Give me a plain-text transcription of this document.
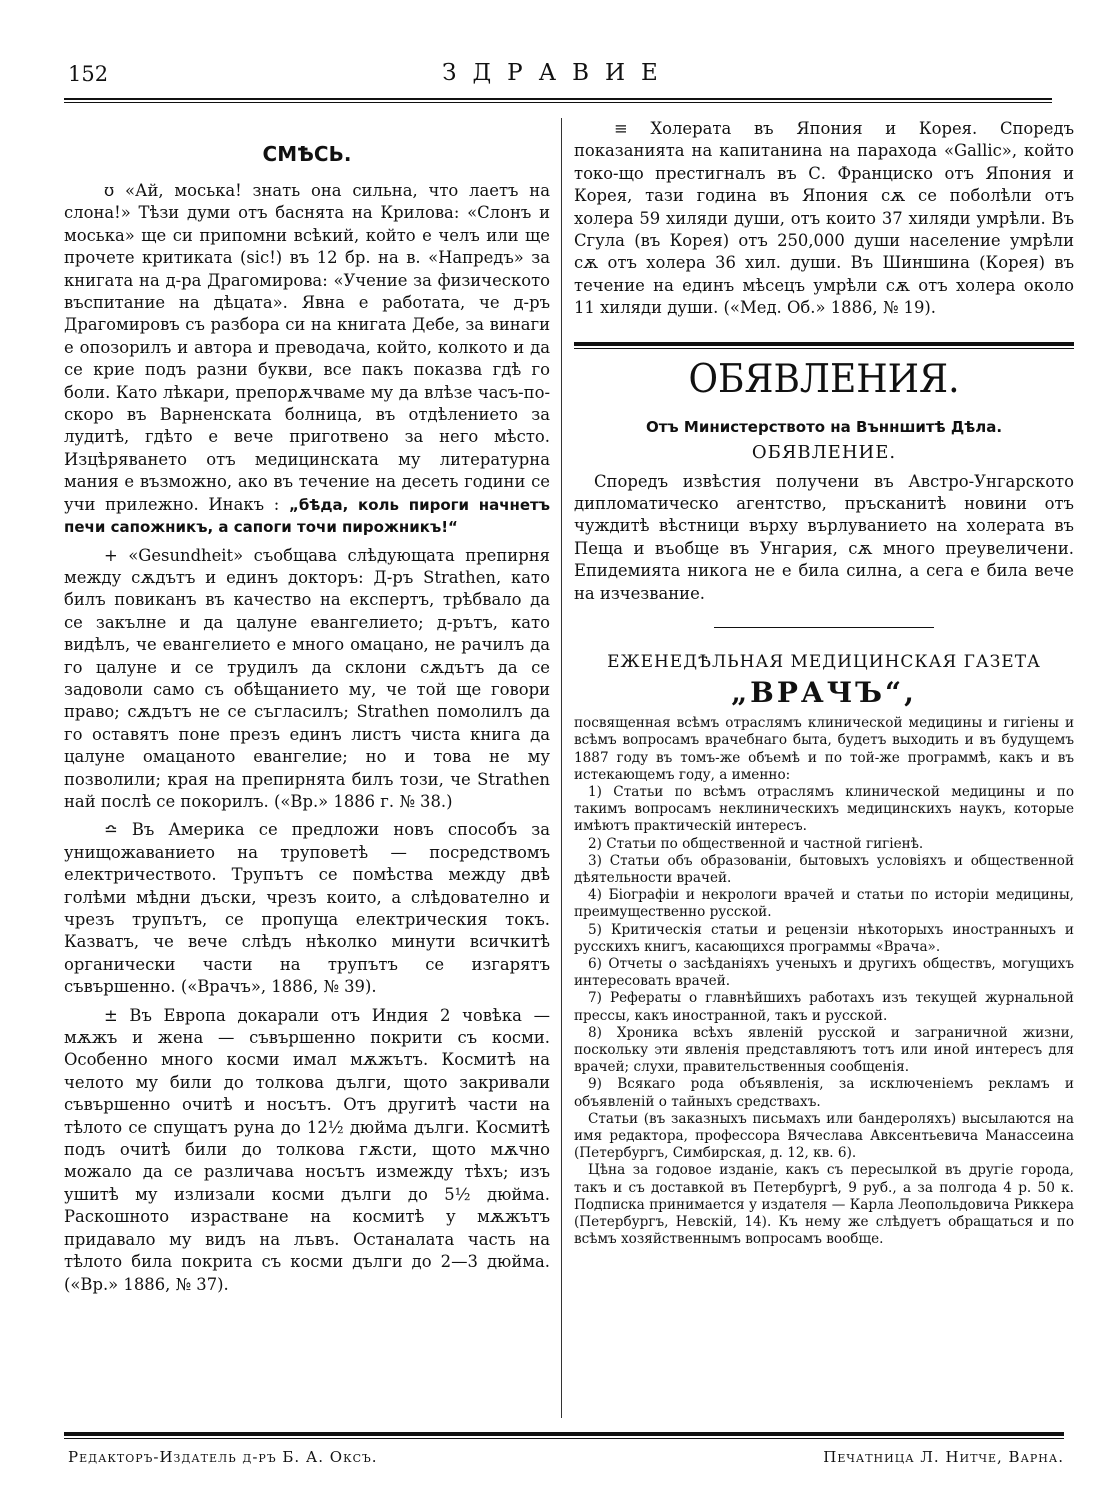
152	ЗДРАВИЕ
СМѢСЬ.

ʊ «Ай, моська! знать она сильна, что лаетъ на слона!» Тѣзи думи отъ баснята на Крилова: «Слонъ и моська» ще си припомни всѣкий, който е челъ или ще прочете критиката (sic!) въ 12 бр. на в. «Напредъ» за книгата на д-ра Драгомирова: «Учение за физическото въспитание на дѣцата». Явна е работата, че д-ръ Драгомировъ съ разбора си на книгата Дебе, за винаги е опозорилъ и автора и преводача, който, колкото и да се крие подъ разни букви, все пакъ показва гдѣ го боли. Като лѣкари, препорѫчваме му да влѣзе часъ-по-скоро въ Варненската болница, въ отдѣлението за лудитѣ, гдѣто е вече приготвено за него мѣсто. Изцѣряването отъ медицинската му литературна мания е възможно, ако въ течение на десеть години се учи прилежно. Инакъ : „бѣда, коль пироги начнетъ печи сапожникъ, а сапоги точи пирожникъ!“

+ «Gesundheit» съобщава слѣдующата препирня между сѫдътъ и единъ докторъ: Д-ръ Strathen, като билъ повиканъ въ качество на експертъ, трѣбвало да се закълне и да цалуне евангелието; д-рътъ, като видѣлъ, че евангелието е много омацано, не рачилъ да го цалуне и се трудилъ да склони сѫдътъ да се задоволи само съ обѣщанието му, че той ще говори право; сѫдътъ не се съгласилъ; Strathen помолилъ да го оставятъ поне презъ единъ листъ чиста книга да цалуне омацаното евангелие; но и това не му позволили; края на препирнята билъ този, че Strathen най послѣ се покорилъ. («Вр.» 1886 г. № 38.)

≏ Въ Америка се предложи новъ способъ за унищожаванието на труповетѣ — посредствомъ електричеството. Трупътъ се помѣства между двѣ голѣми мѣдни дъски, чрезъ които, а слѣдователно и чрезъ трупътъ, се пропуща електрическия токъ. Казватъ, че вече слѣдъ нѣколко минути всичкитѣ органически части на трупътъ се изгарятъ съвършенно. («Врачъ», 1886, № 39).

± Въ Европа докарали отъ Индия 2 човѣка — мѫжъ и жена — съвършенно покрити съ косми. Особенно много косми имал мѫжътъ. Космитѣ на челото му били до толкова дълги, щото закривали съвършенно очитѣ и носътъ. Отъ другитѣ части на тѣлото се спущатъ руна до 12½ дюйма дълги. Космитѣ подъ очитѣ били до толкова гѫсти, щото мѫчно можало да се различава носътъ измежду тѣхъ; изъ ушитѣ му излизали косми дълги до 5½ дюйма. Раскошното израстване на космитѣ у мѫжътъ придавало му видъ на лъвъ. Останалата часть на тѣлото била покрита съ косми дълги до 2—3 дюйма. («Вр.» 1886, № 37).

≡ Холерата въ Япония и Корея. Споредъ показанията на капитанина на парахода «Gallic», който токо-що престигналъ въ С. Франциско отъ Япония и Корея, тази година въ Япония сѫ се поболѣли отъ холера 59 хиляди души, отъ които 37 хиляди умрѣли. Въ Сгула (въ Корея) отъ 250,000 души население умрѣли сѫ отъ холера 36 хил. души. Въ Шиншина (Корея) въ течение на единъ мѣсецъ умрѣли сѫ отъ холера около 11 хиляди души. («Мед. Об.» 1886, № 19).

ОБЯВЛЕНИЯ.
Отъ Министерството на Вънншитѣ Дѣла.
ОБЯВЛЕНИЕ.

Споредъ извѣстия получени въ Австро-Унгарското дипломатическо агентство, пръсканитѣ новини отъ чуждитѣ вѣстници върху върлуванието на холерата въ Пеща и въобще въ Унгария, сѫ много преувеличени. Епидемията никога не е била силна, а сега е била вече на изчезвание.

ЕЖЕНЕДѢЛЬНАЯ МЕДИЦИНСКАЯ ГАЗЕТА
„ВРАЧЪ“,

посвященная всѣмъ отраслямъ клинической медицины и гигіены и всѣмъ вопросамъ врачебнаго быта, будетъ выходить и въ будущемъ 1887 году въ томъ-же объемѣ и по той-же программѣ, какъ и въ истекающемъ году, а именно:

1) Статьи по всѣмъ отраслямъ клинической медицины и по такимъ вопросамъ неклиническихъ медицинскихъ наукъ, которые имѣютъ практическій интересъ.

2) Статьи по общественной и частной гигіенѣ.

3) Статьи объ образованіи, бытовыхъ условіяхъ и общественной дѣятельности врачей.

4) Біографіи и некрологи врачей и статьи по исторіи медицины, преимущественно русской.

5) Критическія статьи и рецензіи нѣкоторыхъ иностранныхъ и русскихъ книгъ, касающихся программы «Врача».

6) Отчеты о засѣданіяхъ ученыхъ и другихъ обществъ, могущихъ интересовать врачей.

7) Рефераты о главнѣйшихъ работахъ изъ текущей журнальной прессы, какъ иностранной, такъ и русской.

8) Хроника всѣхъ явленій русской и заграничной жизни, поскольку эти явленія представляютъ тотъ или иной интересъ для врачей; слухи, правительственныя сообщенія.

9) Всякаго рода объявленія, за исключеніемъ рекламъ и объявленій о тайныхъ средствахъ.

Статьи (въ заказныхъ письмахъ или бандероляхъ) высылаются на имя редактора, профессора Вячеслава Авксентьевича Манассеина (Петербургъ, Симбирская, д. 12, кв. 6).

Цѣна за годовое изданіе, какъ съ пересылкой въ другіе города, такъ и съ доставкой въ Петербургѣ, 9 руб., а за полгода 4 р. 50 к. Подписка принимается у издателя — Карла Леопольдовича Риккера (Петербургъ, Невскій, 14). Къ нему же слѣдуетъ обращаться и по всѣмъ хозяйственнымъ вопросамъ вообще.

Редакторъ-Издатель д-ръ Б. А. Оксъ.	Печатница Л. Нитче, Варна.
